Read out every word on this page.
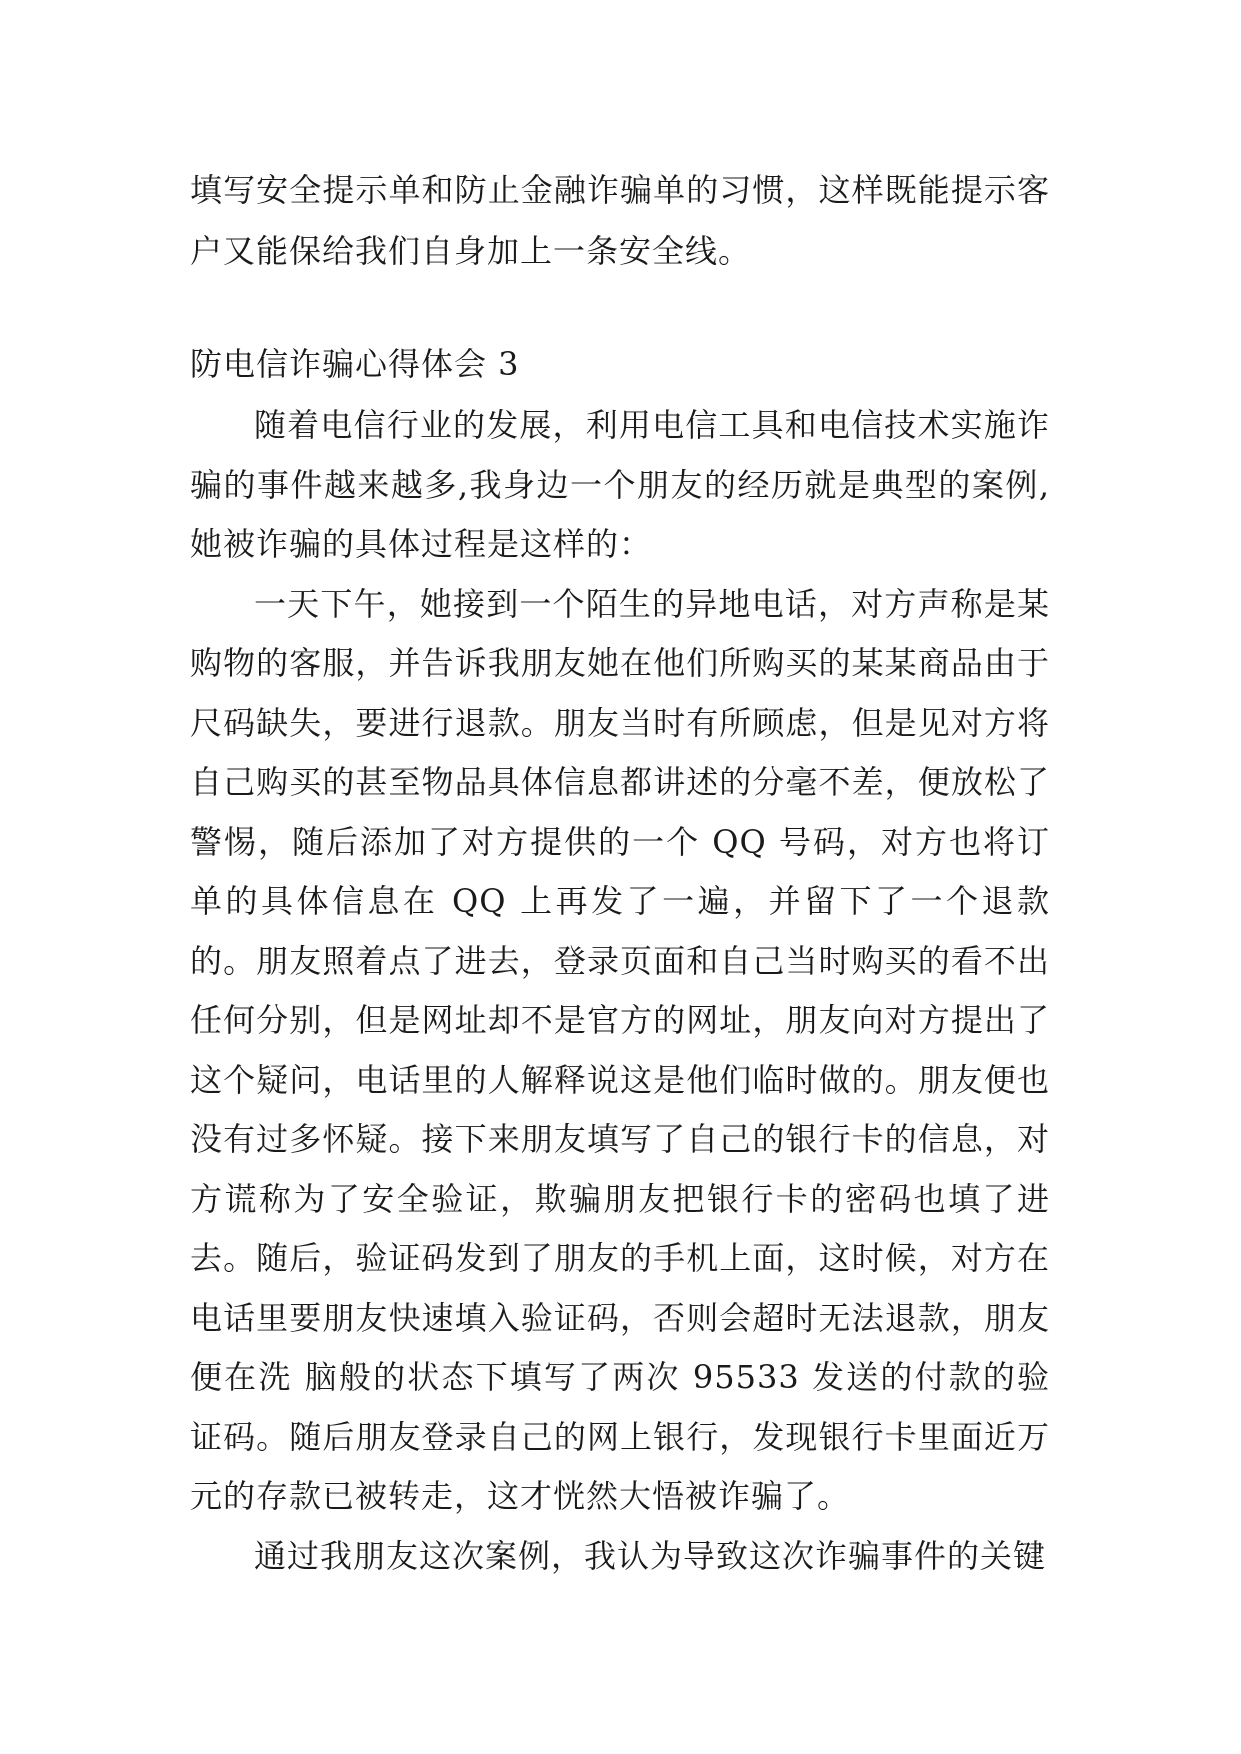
填写安全提示单和防止金融诈骗单的习惯，这样既能提示客户又能保给我们自身加上一条安全线。

防电信诈骗心得体会 3

随着电信行业的发展，利用电信工具和电信技术实施诈骗的事件越来越多,我身边一个朋友的经历就是典型的案例,她被诈骗的具体过程是这样的：

一天下午，她接到一个陌生的异地电话，对方声称是某购物的客服，并告诉我朋友她在他们所购买的某某商品由于尺码缺失，要进行退款。朋友当时有所顾虑，但是见对方将自己购买的甚至物品具体信息都讲述的分毫不差，便放松了警惕，随后添加了对方提供的一个 QQ 号码，对方也将订单的具体信息在 QQ 上再发了一遍，并留下了一个退款的。朋友照着点了进去，登录页面和自己当时购买的看不出任何分别，但是网址却不是官方的网址，朋友向对方提出了这个疑问，电话里的人解释说这是他们临时做的。朋友便也没有过多怀疑。接下来朋友填写了自己的银行卡的信息，对方谎称为了安全验证，欺骗朋友把银行卡的密码也填了进去。随后，验证码发到了朋友的手机上面，这时候，对方在电话里要朋友快速填入验证码，否则会超时无法退款，朋友便在洗 脑般的状态下填写了两次 95533 发送的付款的验证码。随后朋友登录自己的网上银行，发现银行卡里面近万元的存款已被转走，这才恍然大悟被诈骗了。

通过我朋友这次案例，我认为导致这次诈骗事件的关键
